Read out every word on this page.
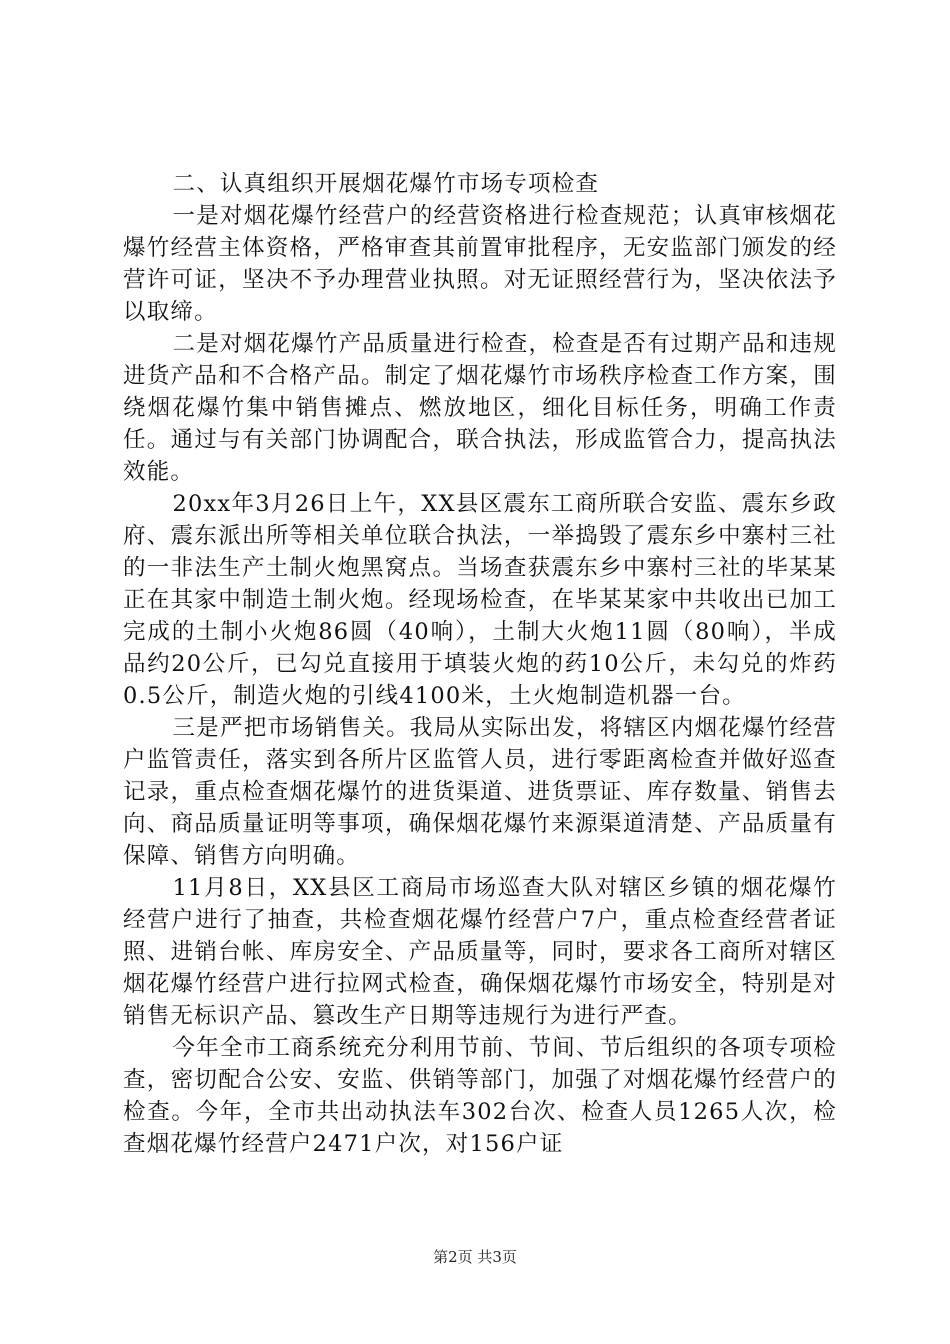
二、认真组织开展烟花爆竹市场专项检查

一是对烟花爆竹经营户的经营资格进行检查规范；认真审核烟花爆竹经营主体资格，严格审查其前置审批程序，无安监部门颁发的经营许可证，坚决不予办理营业执照。对无证照经营行为，坚决依法予以取缔。

二是对烟花爆竹产品质量进行检查，检查是否有过期产品和违规进货产品和不合格产品。制定了烟花爆竹市场秩序检查工作方案，围绕烟花爆竹集中销售摊点、燃放地区，细化目标任务，明确工作责任。通过与有关部门协调配合，联合执法，形成监管合力，提高执法效能。

20xx年3月26日上午，XX县区震东工商所联合安监、震东乡政府、震东派出所等相关单位联合执法，一举捣毁了震东乡中寨村三社的一非法生产土制火炮黑窝点。当场查获震东乡中寨村三社的毕某某正在其家中制造土制火炮。经现场检查，在毕某某家中共收出已加工完成的土制小火炮86圆（40响），土制大火炮11圆（80响），半成品约20公斤，已勾兑直接用于填装火炮的药10公斤，未勾兑的炸药0.5公斤，制造火炮的引线4100米，土火炮制造机器一台。

三是严把市场销售关。我局从实际出发，将辖区内烟花爆竹经营户监管责任，落实到各所片区监管人员，进行零距离检查并做好巡查记录，重点检查烟花爆竹的进货渠道、进货票证、库存数量、销售去向、商品质量证明等事项，确保烟花爆竹来源渠道清楚、产品质量有保障、销售方向明确。

11月8日，XX县区工商局市场巡查大队对辖区乡镇的烟花爆竹经营户进行了抽查，共检查烟花爆竹经营户7户，重点检查经营者证照、进销台帐、库房安全、产品质量等，同时，要求各工商所对辖区烟花爆竹经营户进行拉网式检查，确保烟花爆竹市场安全，特别是对销售无标识产品、篡改生产日期等违规行为进行严查。

今年全市工商系统充分利用节前、节间、节后组织的各项专项检查，密切配合公安、安监、供销等部门，加强了对烟花爆竹经营户的检查。今年，全市共出动执法车302台次、检查人员1265人次，检查烟花爆竹经营户2471户次，对156户证

第2页 共3页
